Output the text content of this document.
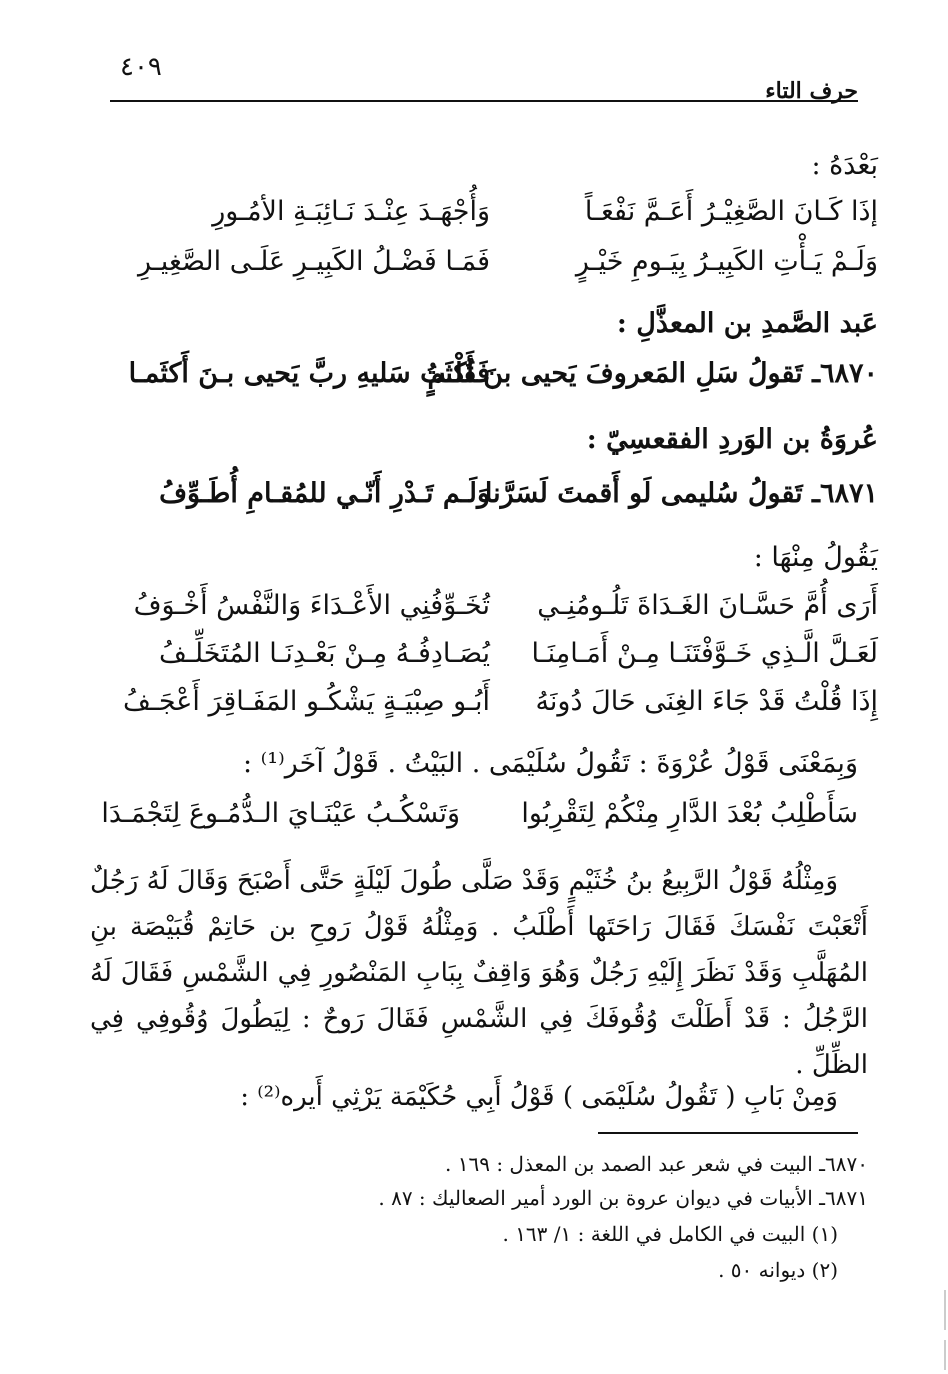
٤٠٩
حرف التاء
بَعْدَهُ :
إذَا كَـانَ الصَّغِيْـرُ أَعَـمَّ نَفْعَـاً
وَأُجْهَـدَ عِنْـدَ نَـائِبَـةِ الأمُـورِ
وَلَـمْ يَـأْتِ الكَبِيـرُ بِيَـومِ خَيْـرٍ
فَمَـا فَضْـلُ الكَبِيـرِ عَلَـى الصَّغِيـرِ
عَبد الصَّمدِ بن المعذَّلِ :
٦٨٧٠ـ تَقولُ سَلِ المَعروفَ يَحيى بنَ أَكثَمٍ
فَقُلْـتُ سَليهِ ربَّ يَحيى بـنَ أَكثَمـا
عُروَةُ بن الوَردِ الفقعسِيّ :
٦٨٧١ـ تَقولُ سُليمى لَو أَقمتَ لَسَرَّنا
وَلَـم تَـدْرِ أَنّـي للمُقـامِ أُطَـوِّفُ
يَقُولُ مِنْهَا :
أَرَى أُمَّ حَسَّـانَ الغَـدَاةَ تَلُـومُنِـي
تُخَـوِّفُنِي الأَعْـدَاءَ وَالنَّفْسُ أَخْـوَفُ
لَعَـلَّ الَّـذِي خَـوَّفْتَنَـا مِـنْ أَمَـامِنَـا
يُصَـادِفُـهُ مِـنْ بَعْـدِنَـا المُتَخَلِّـفُ
إِذَا قُلْتُ قَدْ جَاءَ الغِنَى حَالَ دُونَهُ
أَبُـو صِبْيَـةٍ يَشْكُـو المَفَـاقِرَ أَعْجَـفُ
وَبِمَعْنَى قَوْلُ عُرْوَةَ : تَقُولُ سُلَيْمَى . البَيْتُ . قَوْلُ آخَر⁽¹⁾ :
سَأَطْلِبُ بُعْدَ الدَّارِ مِنْكُمْ لِتَقْرِبُوا
وَتَسْكُـبُ عَيْنَـايَ الـدُّمُـوعَ لِتَجْمَـدَا
وَمِثْلُهُ قَوْلُ الرَّبِيعُ بنُ خُثَيْمٍ وَقَدْ صَلَّى طُولَ لَيْلَةٍ حَتَّى أَصْبَحَ وَقَالَ لَهُ رَجُلٌ أَتْعَبْتَ نَفْسَكَ فَقَالَ رَاحَتَها أَطْلَبُ . وَمِثْلُهُ قَوْلُ رَوحِ بن حَاتِمْ قُبَيْصَة بنِ المُهَلَّبِ وَقَدْ نَظَرَ إِلَيْهِ رَجُلٌ وَهُوَ وَاقِفٌ بِبَابِ المَنْصُورِ فِي الشَّمْسِ فَقَالَ لَهُ الرَّجُلُ : قَدْ أَطَلْتَ وُقُوفَكَ فِي الشَّمْسِ فَقَالَ رَوحٌ : لِيَطُولَ وُقُوفِي فِي الظِّلِّ .
وَمِنْ بَابِ ( تَقُولُ سُلَيْمَى ) قَوْلُ أَبِي حُكَيْمَة يَرْثِي أَيره⁽²⁾ :
٦٨٧٠ـ البيت في شعر عبد الصمد بن المعذل : ١٦٩ .
٦٨٧١ـ الأبيات في ديوان عروة بن الورد أمير الصعاليك : ٨٧ .
(١) البيت في الكامل في اللغة : ١/ ١٦٣ .
(٢) ديوانه ٥٠ .
